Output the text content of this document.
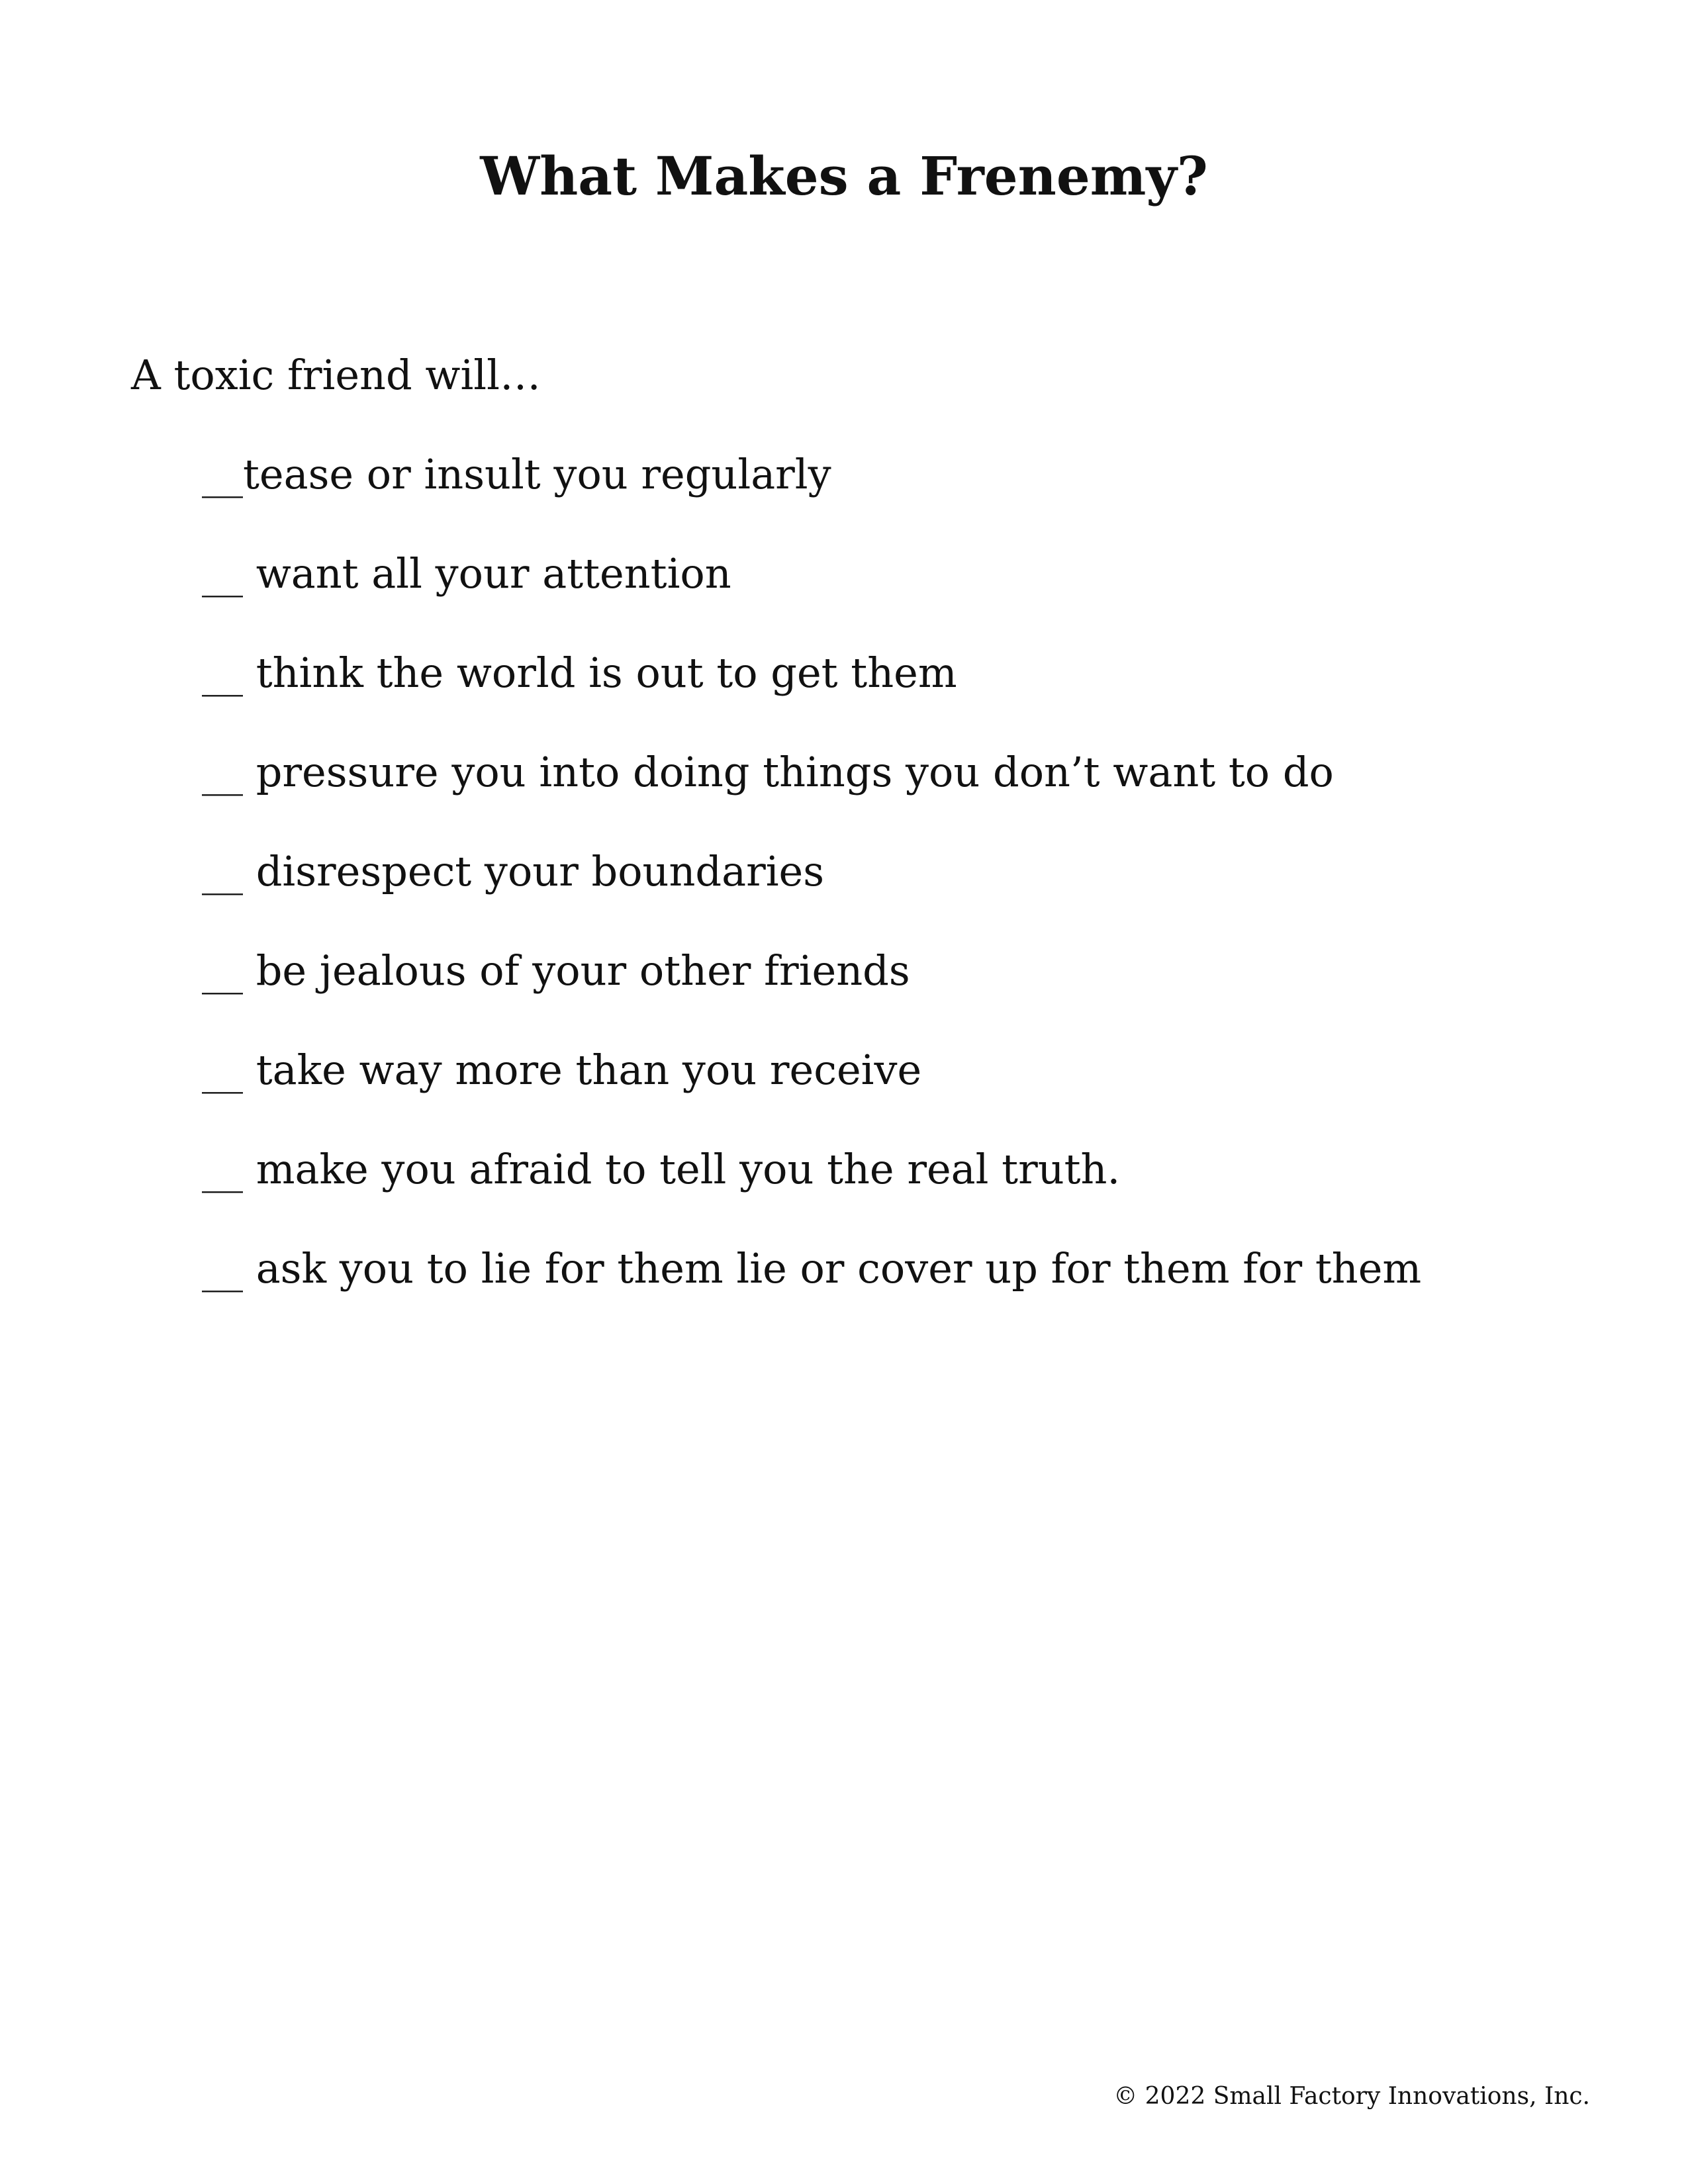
What Makes a Frenemy?

A toxic friend will…

__tease or insult you regularly
__ want all your attention
__ think the world is out to get them
__ pressure you into doing things you don’t want to do
__ disrespect your boundaries
__ be jealous of your other friends
__ take way more than you receive
__ make you afraid to tell you the real truth.
__ ask you to lie for them lie or cover up for them for them

© 2022 Small Factory Innovations, Inc.
